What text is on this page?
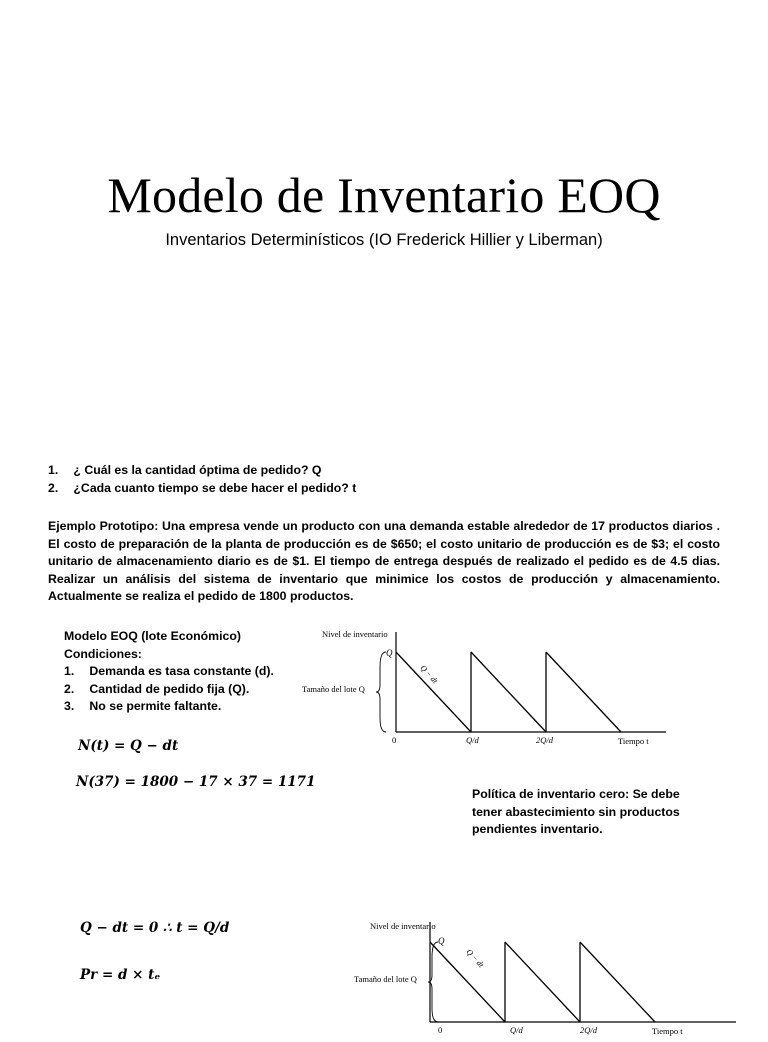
Modelo de Inventario EOQ
Inventarios Determinísticos (IO Frederick Hillier y Liberman)
1. ¿ Cuál es la cantidad óptima de pedido? Q
2. ¿Cada cuanto tiempo se debe hacer el pedido? t
Ejemplo Prototipo: Una empresa vende un producto con una demanda estable alrededor de 17 productos diarios . El costo de preparación de la planta de producción es de $650; el costo unitario de producción es de $3; el costo unitario de almacenamiento diario es de $1. El tiempo de entrega después de realizado el pedido es de 4.5 dias. Realizar un análisis del sistema de inventario que minimice los costos de producción y almacenamiento. Actualmente se realiza el pedido de 1800 productos.
Modelo EOQ (lote Económico)
Condiciones:
1. Demanda es tasa constante (d).
2. Cantidad de pedido fija (Q).
3. No se permite faltante.
N(t) = Q − dt
N(37) = 1800 − 17 × 37 = 1171
Q − dt = 0 ∴ t = Q/d
Pr = d × tₑ
Política de inventario cero: Se debe tener abastecimiento sin productos pendientes inventario.
Nivel de inventario
Tiempo t
Tamaño del lote Q
Q
0
Q − dt
Q/d	2Q/d
Nivel de inventario
Tiempo t
Tamaño del lote Q
Q
0
Q − dt
Q/d	2Q/d
